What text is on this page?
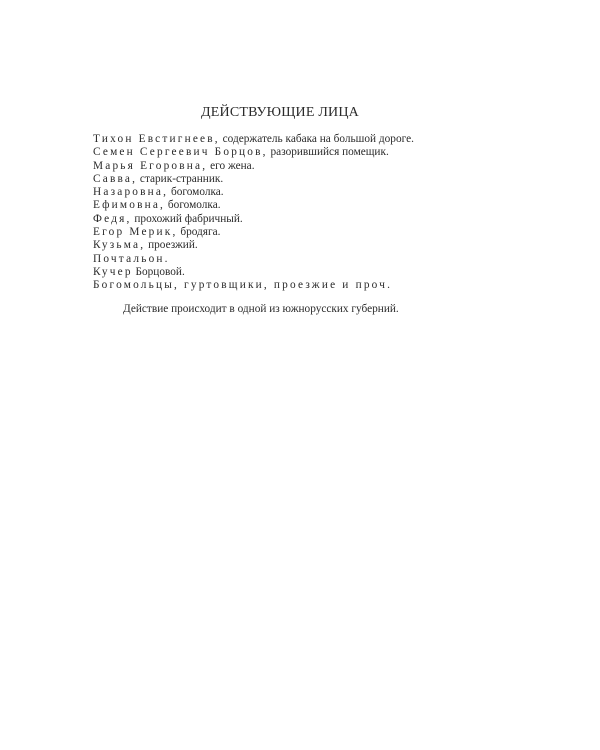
ДЕЙСТВУЮЩИЕ ЛИЦА
Тихон Евстигнеев, содержатель кабака на большой дороге.
Семен Сергеевич Борцов, разорившийся помещик.
Марья Егоровна, его жена.
Савва, старик-странник.
Назаровна, богомолка.
Ефимовна, богомолка.
Федя, прохожий фабричный.
Егор Мерик, бродяга.
Кузьма, проезжий.
Почтальон.
Кучер Борцовой.
Богомольцы, гуртовщики, проезжие и проч.

Действие происходит в одной из южнорусских губерний.
